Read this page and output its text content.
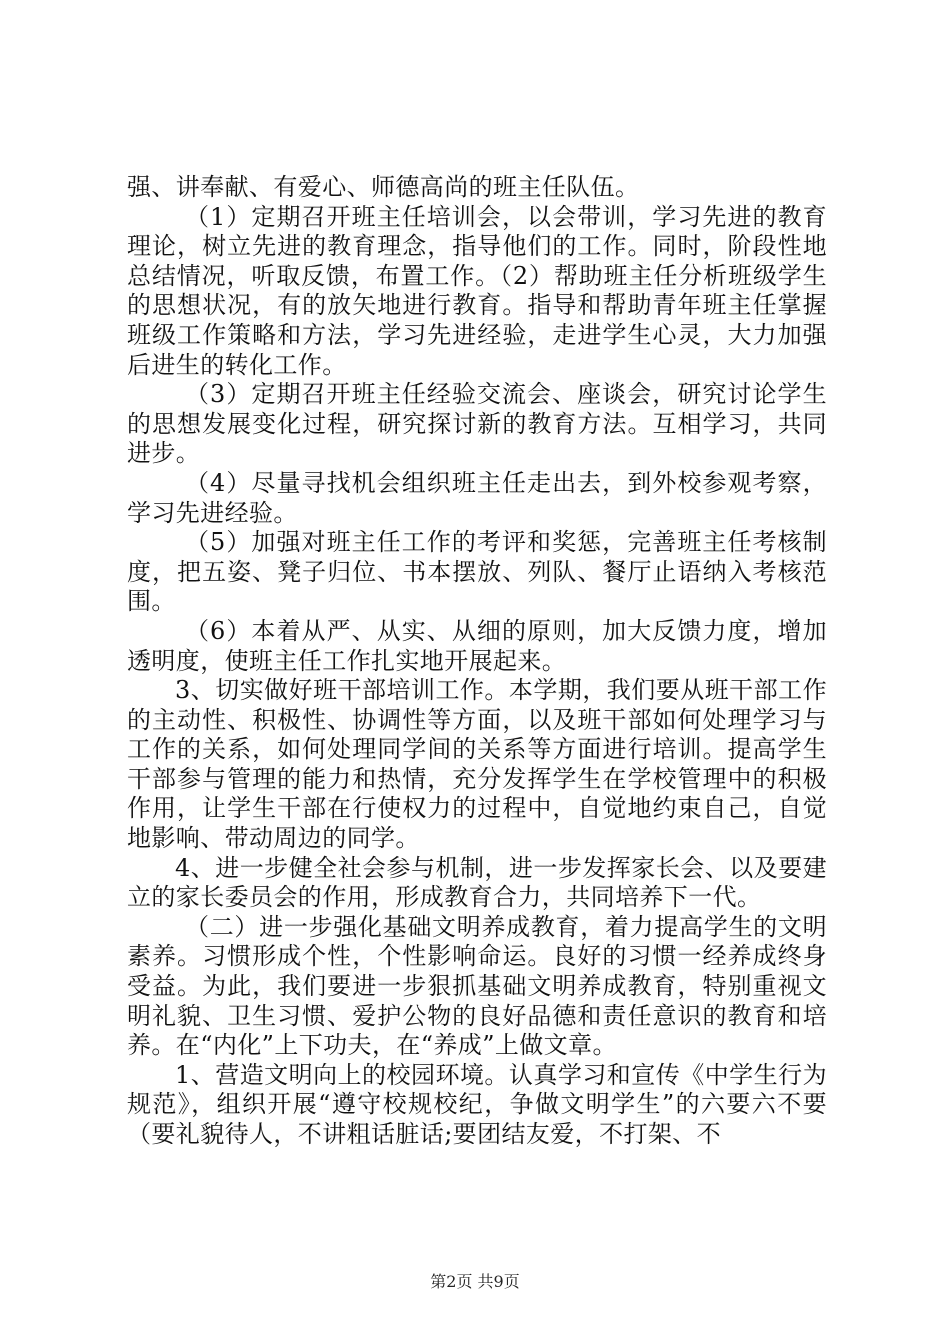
强、讲奉献、有爱心、师德高尚的班主任队伍。

（1）定期召开班主任培训会，以会带训，学习先进的教育理论，树立先进的教育理念，指导他们的工作。同时，阶段性地总结情况，听取反馈，布置工作。（2）帮助班主任分析班级学生的思想状况，有的放矢地进行教育。指导和帮助青年班主任掌握班级工作策略和方法，学习先进经验，走进学生心灵，大力加强后进生的转化工作。

（3）定期召开班主任经验交流会、座谈会，研究讨论学生的思想发展变化过程，研究探讨新的教育方法。互相学习，共同进步。

（4）尽量寻找机会组织班主任走出去，到外校参观考察，学习先进经验。

（5）加强对班主任工作的考评和奖惩，完善班主任考核制度，把五姿、凳子归位、书本摆放、列队、餐厅止语纳入考核范围。

（6）本着从严、从实、从细的原则，加大反馈力度，增加透明度，使班主任工作扎实地开展起来。

3、切实做好班干部培训工作。本学期，我们要从班干部工作的主动性、积极性、协调性等方面，以及班干部如何处理学习与工作的关系，如何处理同学间的关系等方面进行培训。提高学生干部参与管理的能力和热情，充分发挥学生在学校管理中的积极作用，让学生干部在行使权力的过程中，自觉地约束自己，自觉地影响、带动周边的同学。

4、进一步健全社会参与机制，进一步发挥家长会、以及要建立的家长委员会的作用，形成教育合力，共同培养下一代。

（二）进一步强化基础文明养成教育，着力提高学生的文明素养。习惯形成个性，个性影响命运。良好的习惯一经养成终身受益。为此，我们要进一步狠抓基础文明养成教育，特别重视文明礼貌、卫生习惯、爱护公物的良好品德和责任意识的教育和培养。在“内化”上下功夫，在“养成”上做文章。

1、营造文明向上的校园环境。认真学习和宣传《中学生行为规范》，组织开展“遵守校规校纪，争做文明学生”的六要六不要（要礼貌待人，不讲粗话脏话;要团结友爱，不打架、不

第2页 共9页
